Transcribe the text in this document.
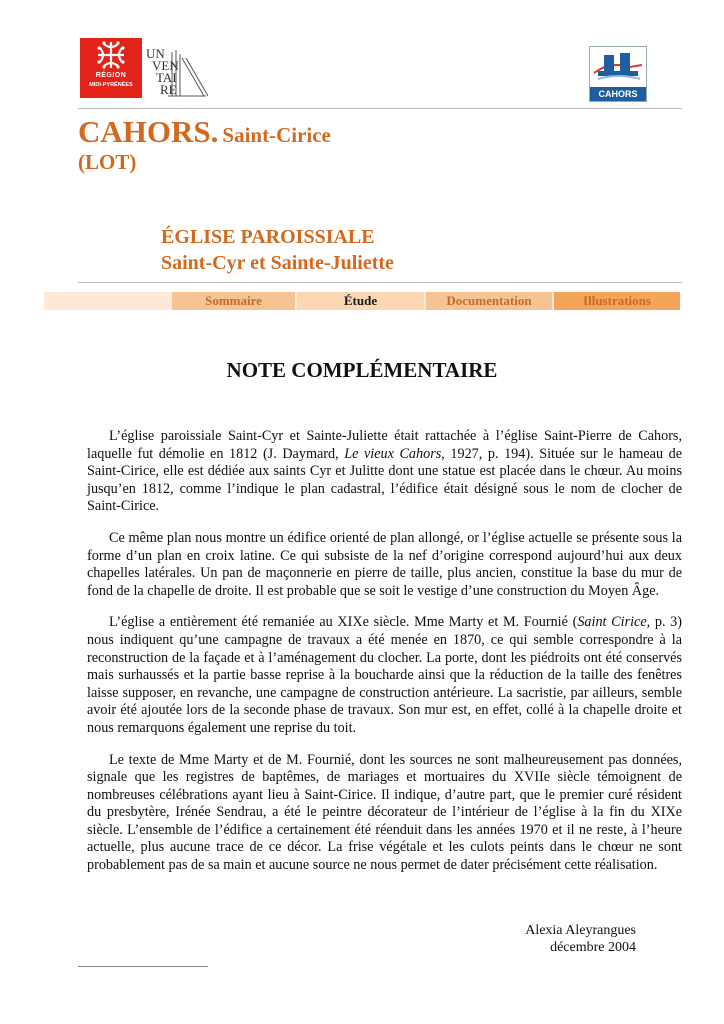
RÉGION
MIDI-PYRÉNÉES
UN
VEN
TAI
RE	CAHORS
CAHORS. Saint-Cirice
(LOT)
ÉGLISE PAROISSIALE
Saint-Cyr et Sainte-Juliette
Sommaire	Étude	Documentation	Illustrations
NOTE COMPLÉMENTAIRE

L’église paroissiale Saint-Cyr et Sainte-Juliette était rattachée à l’église Saint-Pierre de Cahors, laquelle fut démolie en 1812 (J. Daymard, Le vieux Cahors, 1927, p. 194). Située sur le hameau de Saint-Cirice, elle est dédiée aux saints Cyr et Julitte dont une statue est placée dans le chœur. Au moins jusqu’en 1812, comme l’indique le plan cadastral, l’édifice était désigné sous le nom de clocher de Saint-Cirice.

Ce même plan nous montre un édifice orienté de plan allongé, or l’église actuelle se présente sous la forme d’un plan en croix latine. Ce qui subsiste de la nef d’origine correspond aujourd’hui aux deux chapelles latérales. Un pan de maçonnerie en pierre de taille, plus ancien, constitue la base du mur de fond de la chapelle de droite. Il est probable que se soit le vestige d’une construction du Moyen Âge.

L’église a entièrement été remaniée au XIXe siècle. Mme Marty et M. Fournié (Saint Cirice, p. 3) nous indiquent qu’une campagne de travaux a été menée en 1870, ce qui semble correspondre à la reconstruction de la façade et à l’aménagement du clocher. La porte, dont les piédroits ont été conservés mais surhaussés et la partie basse reprise à la boucharde ainsi que la réduction de la taille des fenêtres laisse supposer, en revanche, une campagne de construction antérieure. La sacristie, par ailleurs, semble avoir été ajoutée lors de la seconde phase de travaux. Son mur est, en effet, collé à la chapelle droite et nous remarquons également une reprise du toit.

Le texte de Mme Marty et de M. Fournié, dont les sources ne sont malheureusement pas données, signale que les registres de baptêmes, de mariages et mortuaires du XVIIe siècle témoignent de nombreuses célébrations ayant lieu à Saint-Cirice. Il indique, d’autre part, que le premier curé résident du presbytère, Irénée Sendrau, a été le peintre décorateur de l’intérieur de l’église à la fin du XIXe siècle. L’ensemble de l’édifice a certainement été réenduit dans les années 1970 et il ne reste, à l’heure actuelle, plus aucune trace de ce décor. La frise végétale et les culots peints dans le chœur ne sont probablement pas de sa main et aucune source ne nous permet de dater précisément cette réalisation.

Alexia Aleyrangues
décembre 2004
